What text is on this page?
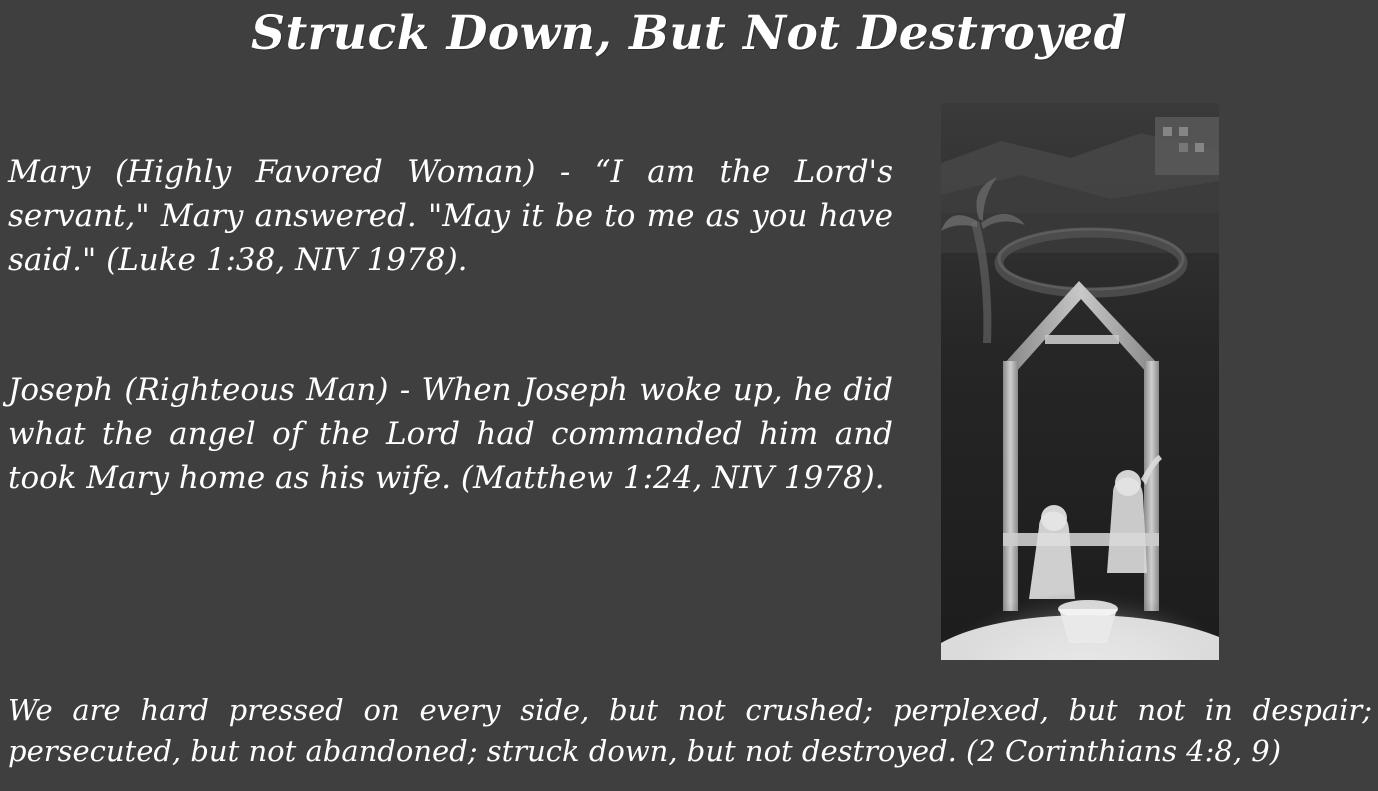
Struck Down, But Not Destroyed

Mary (Highly Favored Woman) - “I am the Lord's servant," Mary answered. "May it be to me as you have said." (Luke 1:38, NIV 1978).

Joseph (Righteous Man) - When Joseph woke up, he did what the angel of the Lord had commanded him and took Mary home as his wife. (Matthew 1:24, NIV 1978).

We are hard pressed on every side, but not crushed; perplexed, but not in despair; persecuted, but not abandoned; struck down, but not destroyed. (2 Corinthians 4:8, 9)
